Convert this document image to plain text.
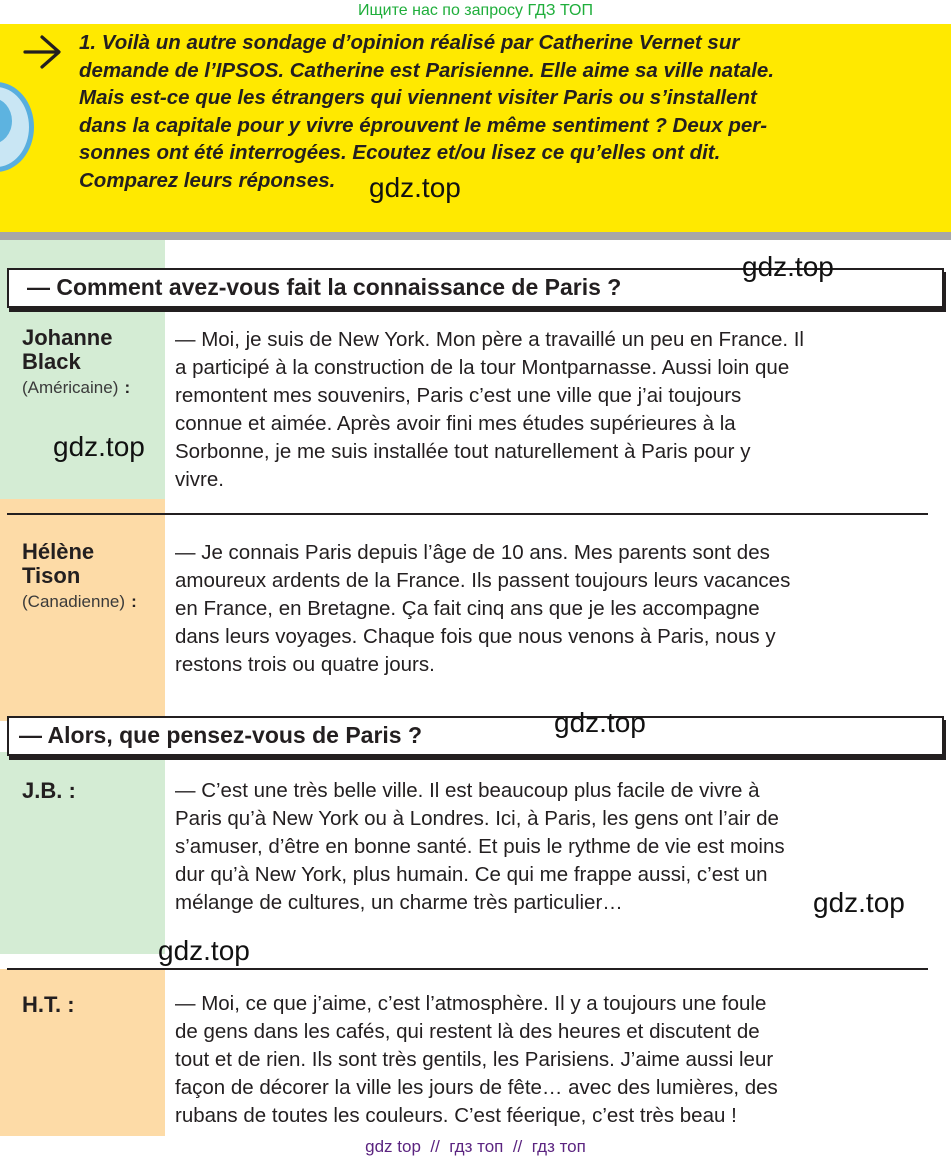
Ищите нас по запросу ГДЗ ТОП
1. Voilà un autre sondage d’opinion réalisé par Catherine Vernet sur
demande de l’IPSOS. Catherine est Parisienne. Elle aime sa ville natale.
Mais est-ce que les étrangers qui viennent visiter Paris ou s’installent
dans la capitale pour y vivre éprouvent le même sentiment ? Deux per-
sonnes ont été interrogées. Ecoutez et/ou lisez ce qu’elles ont dit.
Comparez leurs réponses.
— Comment avez-vous fait la connaissance de Paris ?
Johanne
Black
(Américaine) :
— Moi, je suis de New York. Mon père a travaillé un peu en France. Il
a participé à la construction de la tour Montparnasse. Aussi loin que
remontent mes souvenirs, Paris c’est une ville que j’ai toujours
connue et aimée. Après avoir fini mes études supérieures à la
Sorbonne, je me suis installée tout naturellement à Paris pour y
vivre.
Hélène
Tison
(Canadienne) :
— Je connais Paris depuis l’âge de 10 ans. Mes parents sont des
amoureux ardents de la France. Ils passent toujours leurs vacances
en France, en Bretagne. Ça fait cinq ans que je les accompagne
dans leurs voyages. Chaque fois que nous venons à Paris, nous y
restons trois ou quatre jours.
— Alors, que pensez-vous de Paris ?
J.B. :	— C’est une très belle ville. Il est beaucoup plus facile de vivre à
Paris qu’à New York ou à Londres. Ici, à Paris, les gens ont l’air de
s’amuser, d’être en bonne santé. Et puis le rythme de vie est moins
dur qu’à New York, plus humain. Ce qui me frappe aussi, c’est un
mélange de cultures, un charme très particulier…
H.T. :	— Moi, ce que j’aime, c’est l’atmosphère. Il y a toujours une foule
de gens dans les cafés, qui restent là des heures et discutent de
tout et de rien. Ils sont très gentils, les Parisiens. J’aime aussi leur
façon de décorer la ville les jours de fête… avec des lumières, des
rubans de toutes les couleurs. C’est féerique, c’est très beau !
gdz.top
gdz.top
gdz.top
gdz.top
gdz.top
gdz.top
gdz top  //  гдз топ  //  гдз топ
